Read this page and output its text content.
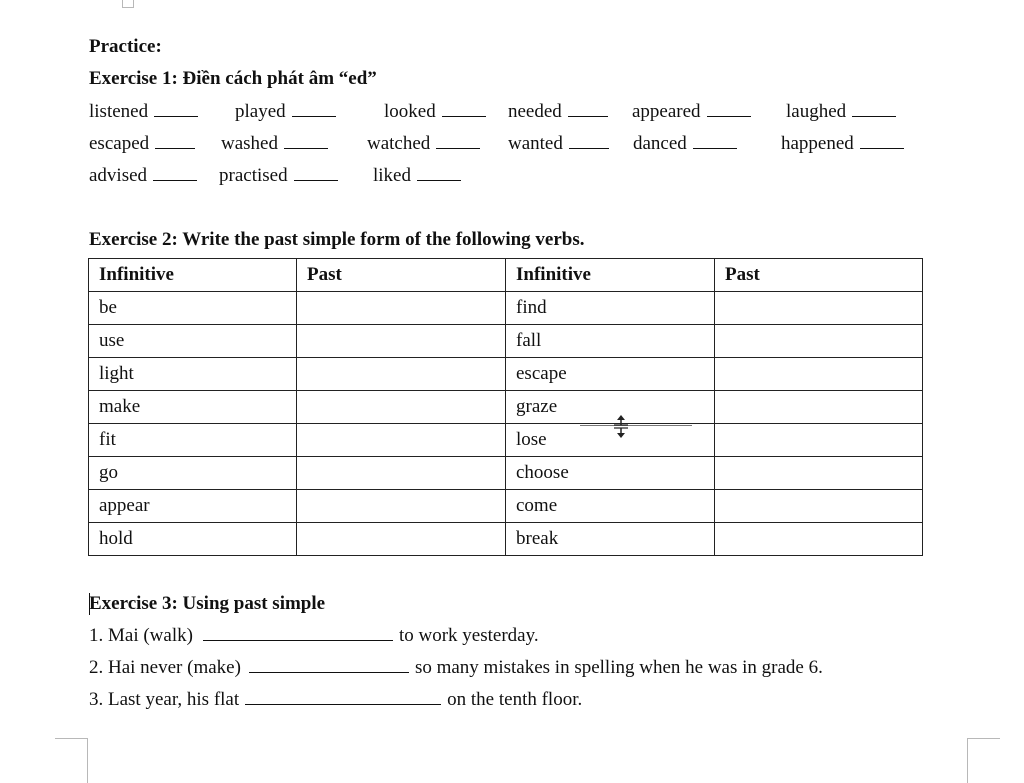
Practice:
Exercise 1: Điền cách phát âm “ed”
listened	played	looked	needed	appeared	laughed
escaped	washed	watched	wanted	danced	happened
advised	practised	liked
Exercise 2: Write the past simple form of the following verbs.
Infinitive	Past	Infinitive	Past
be		find	
use		fall	
light		escape	
make		graze	
fit		lose	
go		choose	
appear		come	
hold		break	
Exercise 3: Using past simple
1. Mai (walk)	to work yesterday.
2. Hai never (make)	so many mistakes in spelling when he was in grade 6.
3. Last year, his flat	on the tenth floor.
